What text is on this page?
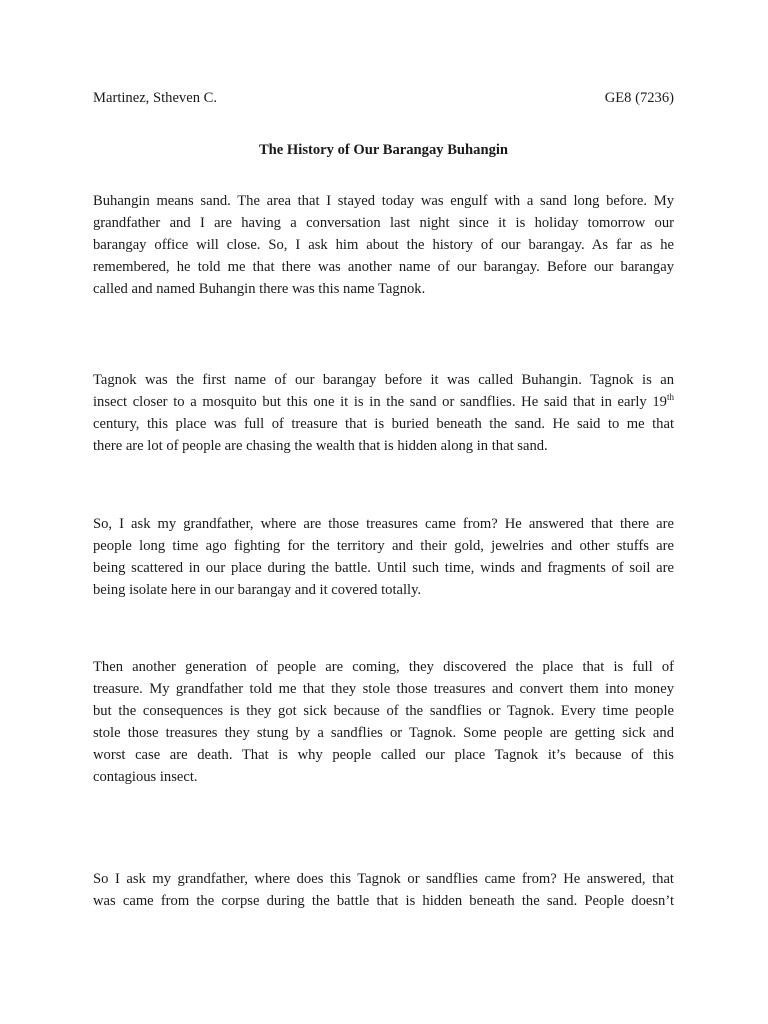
Martinez, Stheven C.	GE8 (7236)
The History of Our Barangay Buhangin
Buhangin means sand. The area that I stayed today was engulf with a sand long before. My
grandfather and I are having a conversation last night since it is holiday tomorrow our
barangay office will close. So, I ask him about the history of our barangay. As far as he
remembered, he told me that there was another name of our barangay. Before our barangay
called and named Buhangin there was this name Tagnok.
Tagnok was the first name of our barangay before it was called Buhangin. Tagnok is an
insect closer to a mosquito but this one it is in the sand or sandflies. He said that in early 19th
century, this place was full of treasure that is buried beneath the sand. He said to me that
there are lot of people are chasing the wealth that is hidden along in that sand.
So, I ask my grandfather, where are those treasures came from? He answered that there are
people long time ago fighting for the territory and their gold, jewelries and other stuffs are
being scattered in our place during the battle. Until such time, winds and fragments of soil are
being isolate here in our barangay and it covered totally.
Then another generation of people are coming, they discovered the place that is full of
treasure. My grandfather told me that they stole those treasures and convert them into money
but the consequences is they got sick because of the sandflies or Tagnok. Every time people
stole those treasures they stung by a sandflies or Tagnok. Some people are getting sick and
worst case are death. That is why people called our place Tagnok it’s because of this
contagious insect.
So I ask my grandfather, where does this Tagnok or sandflies came from? He answered, that
was came from the corpse during the battle that is hidden beneath the sand. People doesn’t
